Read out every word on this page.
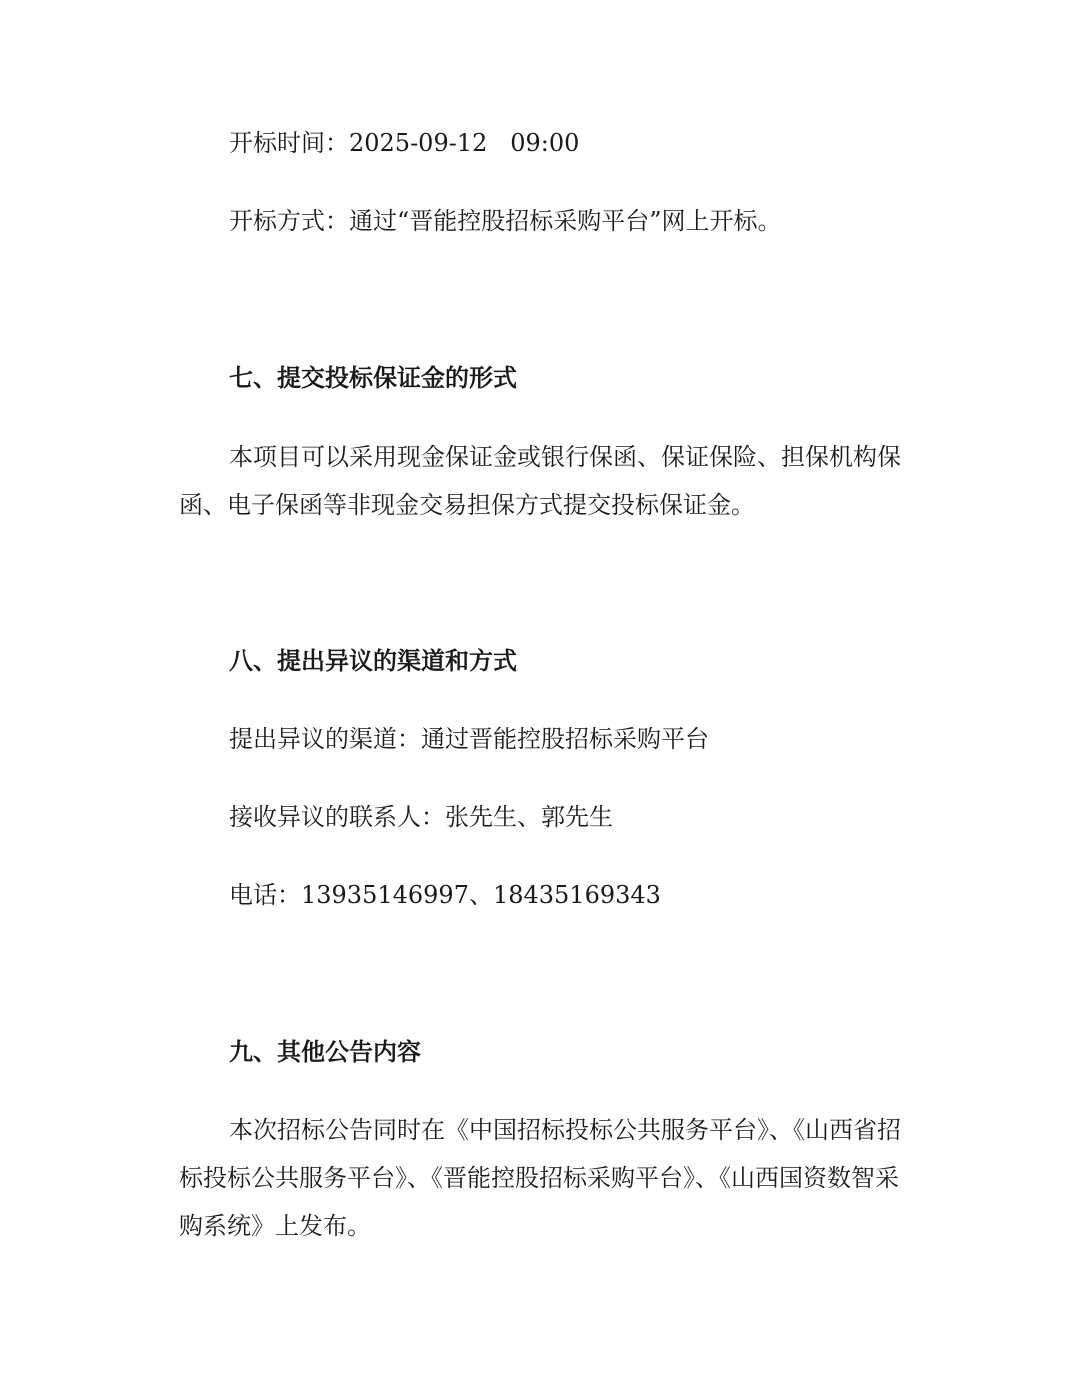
开标时间：2025-09-12   09:00

开标方式：通过“晋能控股招标采购平台”网上开标。

七、提交投标保证金的形式

本项目可以采用现金保证金或银行保函、保证保险、担保机构保函、电子保函等非现金交易担保方式提交投标保证金。

八、提出异议的渠道和方式

提出异议的渠道：通过晋能控股招标采购平台

接收异议的联系人：张先生、郭先生

电话：13935146997、18435169343

九、其他公告内容

本次招标公告同时在《中国招标投标公共服务平台》、《山西省招标投标公共服务平台》、《晋能控股招标采购平台》、《山西国资数智采购系统》上发布。
